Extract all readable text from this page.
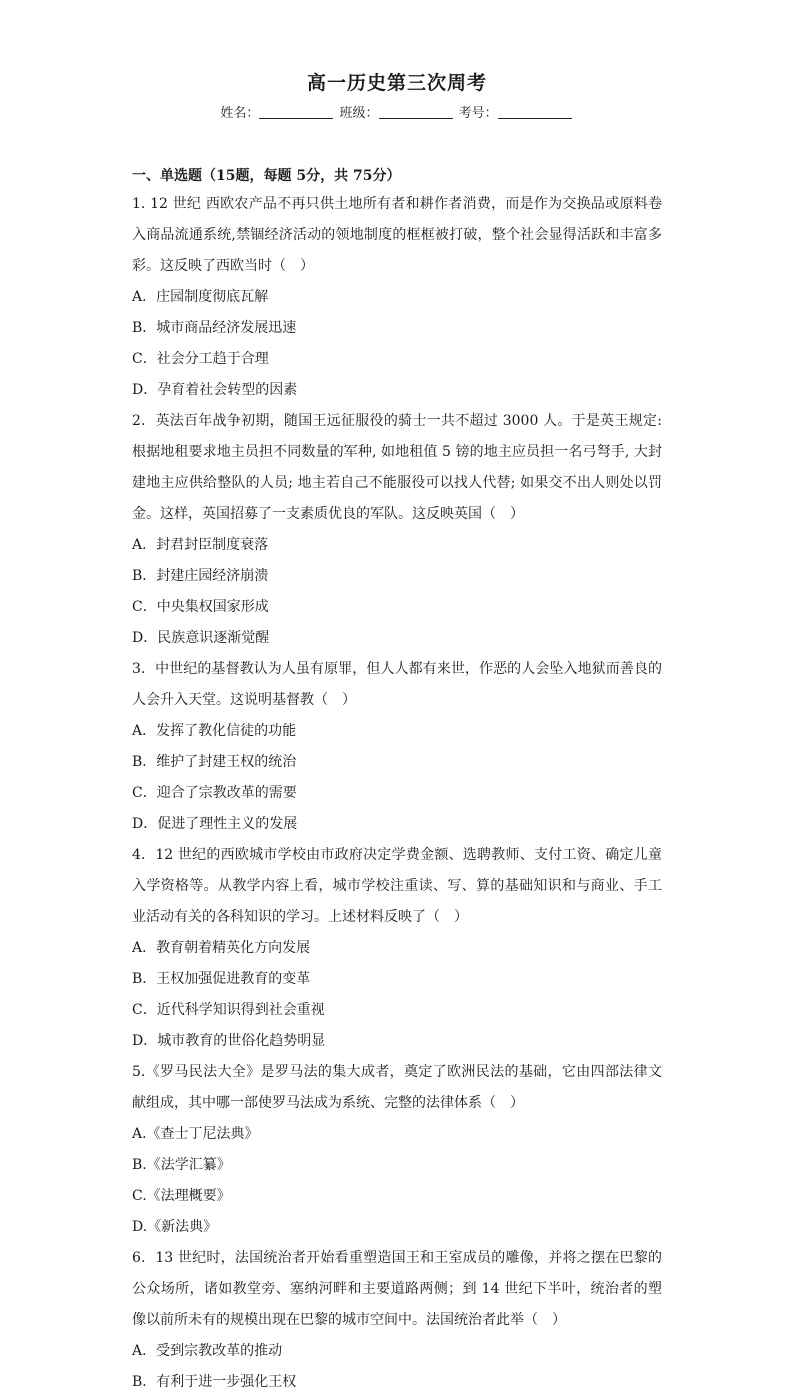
高一历史第三次周考
姓名：	班级：	考号：
一、单选题（15题，每题 5分，共 75分）
1. 12 世纪 西欧农产品不再只供土地所有者和耕作者消费，而是作为交换品或原料卷入商品流通系统,禁锢经济活动的领地制度的框框被打破，整个社会显得活跃和丰富多彩。这反映了西欧当时（　）
A．庄园制度彻底瓦解
B．城市商品经济发展迅速
C．社会分工趋于合理
D．孕育着社会转型的因素
2．英法百年战争初期，随国王远征服役的骑士一共不超过 3000 人。于是英王规定: 根据地租要求地主员担不同数量的军种, 如地租值 5 镑的地主应员担一名弓弩手, 大封建地主应供给整队的人员; 地主若自己不能服役可以找人代替; 如果交不出人则处以罚金。这样，英国招募了一支素质优良的军队。这反映英国（　）
A．封君封臣制度衰落
B．封建庄园经济崩溃
C．中央集权国家形成
D．民族意识逐渐觉醒
3．中世纪的基督教认为人虽有原罪，但人人都有来世，作恶的人会坠入地狱而善良的人会升入天堂。这说明基督教（　）
A．发挥了教化信徒的功能
B．维护了封建王权的统治
C．迎合了宗教改革的需要
D．促进了理性主义的发展
4．12 世纪的西欧城市学校由市政府决定学费金额、选聘教师、支付工资、确定儿童入学资格等。从教学内容上看，城市学校注重读、写、算的基础知识和与商业、手工业活动有关的各科知识的学习。上述材料反映了（　）
A．教育朝着精英化方向发展
B．王权加强促进教育的变革
C．近代科学知识得到社会重视
D．城市教育的世俗化趋势明显
5.《罗马民法大全》是罗马法的集大成者，奠定了欧洲民法的基础，它由四部法律文献组成，其中哪一部使罗马法成为系统、完整的法律体系（　）
A.《查士丁尼法典》
B.《法学汇纂》
C.《法理概要》
D.《新法典》
6．13 世纪时，法国统治者开始看重塑造国王和王室成员的雕像，并将之摆在巴黎的公众场所，诸如教堂旁、塞纳河畔和主要道路两侧；到 14 世纪下半叶，统治者的塑像以前所未有的规模出现在巴黎的城市空间中。法国统治者此举（　）
A．受到宗教改革的推动
B．有利于进一步强化王权
